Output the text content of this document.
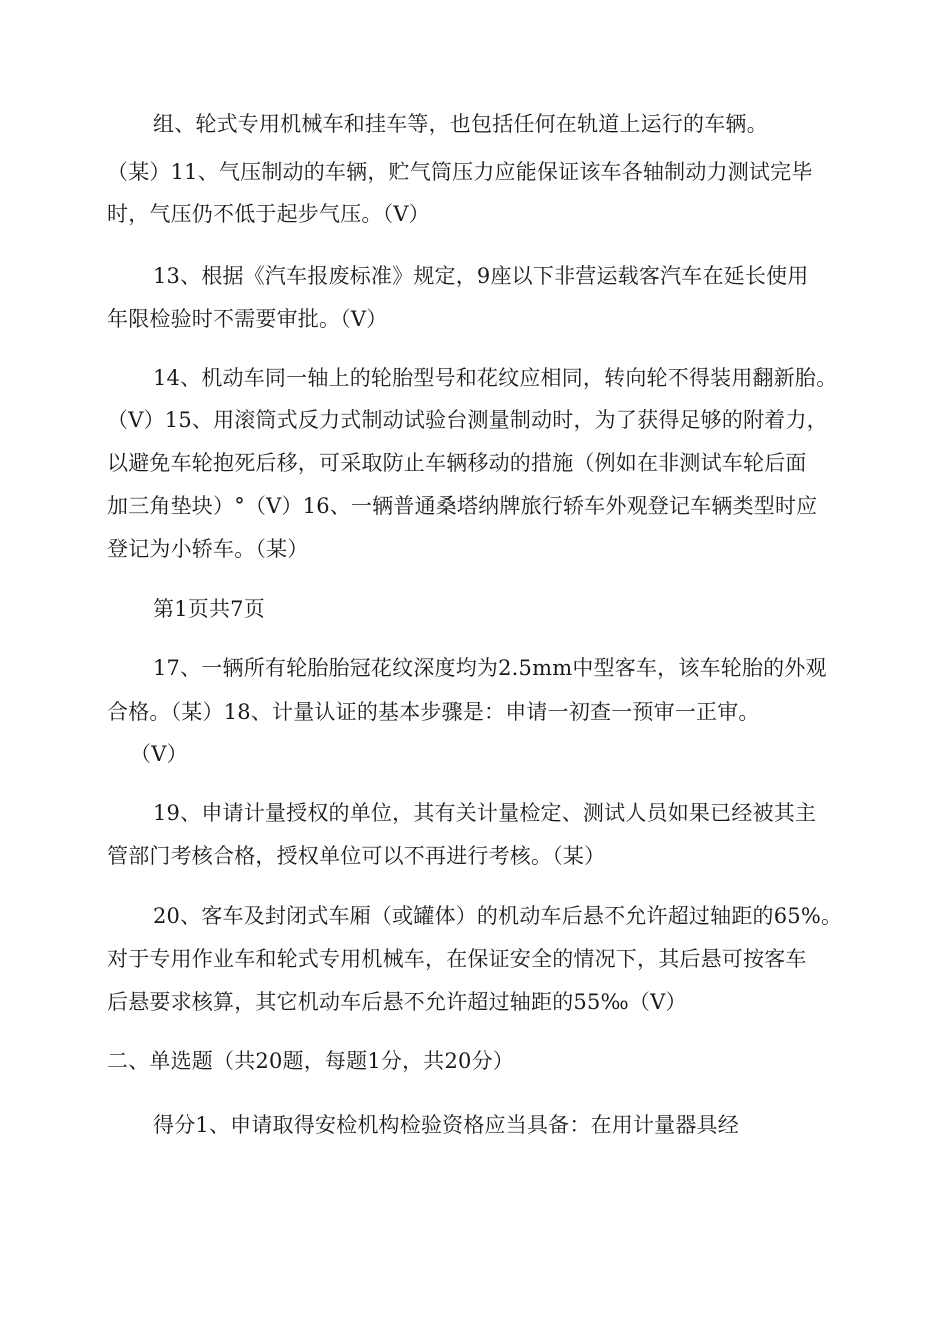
组、轮式专用机械车和挂车等，也包括任何在轨道上运行的车辆。
（某）11、气压制动的车辆，贮气筒压力应能保证该车各轴制动力测试完毕
时，气压仍不低于起步气压。（V）
13、根据《汽车报废标准》规定，9座以下非营运载客汽车在延长使用
年限检验时不需要审批。（V）
14、机动车同一轴上的轮胎型号和花纹应相同，转向轮不得装用翻新胎。
（V）15、用滚筒式反力式制动试验台测量制动时，为了获得足够的附着力，
以避免车轮抱死后移，可采取防止车辆移动的措施（例如在非测试车轮后面
加三角垫块）°（V）16、一辆普通桑塔纳牌旅行轿车外观登记车辆类型时应
登记为小轿车。（某）
第1页共7页
17、一辆所有轮胎胎冠花纹深度均为2.5mm中型客车，该车轮胎的外观
合格。（某）18、计量认证的基本步骤是：申请一初查一预审一正审。
（V）
19、申请计量授权的单位，其有关计量检定、测试人员如果已经被其主
管部门考核合格，授权单位可以不再进行考核。（某）
20、客车及封闭式车厢（或罐体）的机动车后悬不允许超过轴距的65%。
对于专用作业车和轮式专用机械车，在保证安全的情况下，其后悬可按客车
后悬要求核算，其它机动车后悬不允许超过轴距的55‰（V）
二、单选题（共20题，每题1分，共20分）
得分1、申请取得安检机构检验资格应当具备：在用计量器具经
